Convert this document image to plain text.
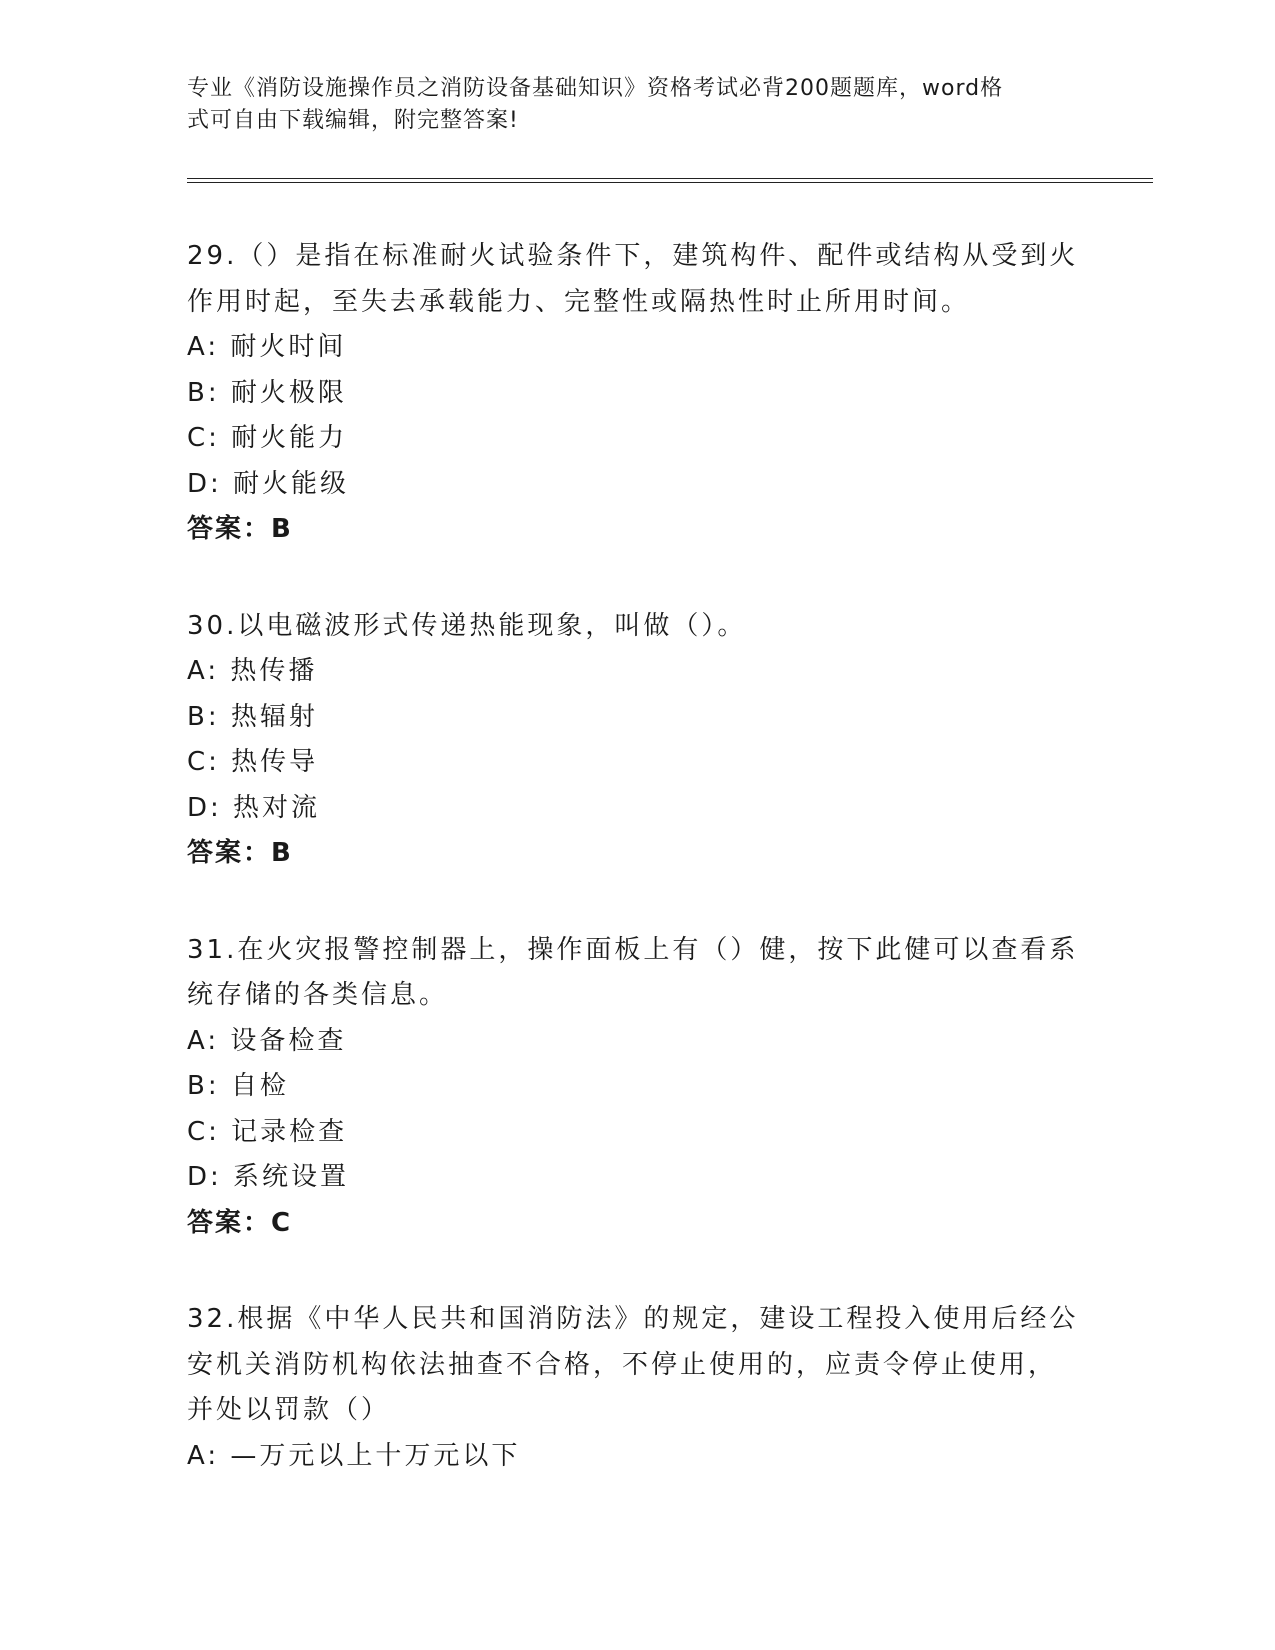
专业《消防设施操作员之消防设备基础知识》资格考试必背200题题库，word格
式可自由下载编辑，附完整答案!
29.（）是指在标准耐火试验条件下，建筑构件、配件或结构从受到火
作用时起，至失去承载能力、完整性或隔热性时止所用时间。
A: 耐火时间
B: 耐火极限
C: 耐火能力
D: 耐火能级
答案：B
30.以电磁波形式传递热能现象，叫做（）。
A: 热传播
B: 热辐射
C: 热传导
D: 热对流
答案：B
31.在火灾报警控制器上，操作面板上有（）健，按下此健可以查看系
统存储的各类信息。
A: 设备检查
B: 自检
C: 记录检查
D: 系统设置
答案：C
32.根据《中华人民共和国消防法》的规定，建设工程投入使用后经公
安机关消防机构依法抽查不合格，不停止使用的，应责令停止使用，
并处以罚款（）
A: —万元以上十万元以下
